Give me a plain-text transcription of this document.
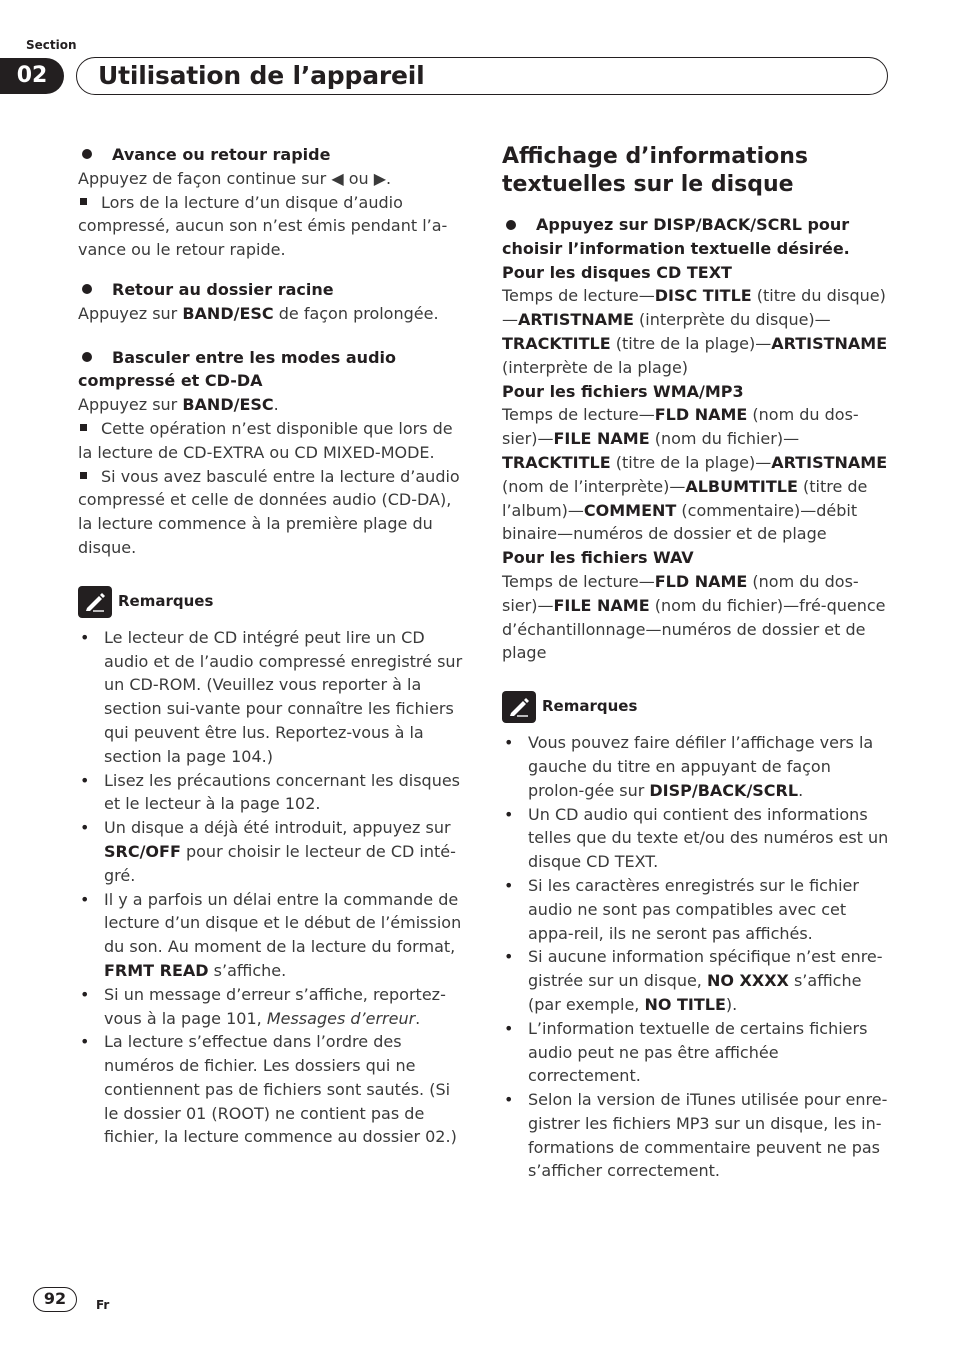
Section
02	Utilisation de l’appareil

Avance ou retour rapide

Appuyez de façon continue sur ◀ ou ▶.

Lors de la lecture d’un disque d’audio compressé, aucun son n’est émis pendant l’a-vance ou le retour rapide.

Retour au dossier racine

Appuyez sur BAND/ESC de façon prolongée.

Basculer entre les modes audio compressé et CD-DA

Appuyez sur BAND/ESC.

Cette opération n’est disponible que lors de la lecture de CD-EXTRA ou CD MIXED-MODE.

Si vous avez basculé entre la lecture d’audio compressé et celle de données audio (CD-DA), la lecture commence à la première plage du disque.

Remarques
• Le lecteur de CD intégré peut lire un CD audio et de l’audio compressé enregistré sur un CD-ROM. (Veuillez vous reporter à la section sui-vante pour connaître les fichiers qui peuvent être lus. Reportez-vous à la section la page 104.)
• Lisez les précautions concernant les disques et le lecteur à la page 102.
• Un disque a déjà été introduit, appuyez sur SRC/OFF pour choisir le lecteur de CD inté-gré.
• Il y a parfois un délai entre la commande de lecture d’un disque et le début de l’émission du son. Au moment de la lecture du format, FRMT READ s’affiche.
• Si un message d’erreur s’affiche, reportez-vous à la page 101, Messages d’erreur.
• La lecture s’effectue dans l’ordre des numéros de fichier. Les dossiers qui ne contiennent pas de fichiers sont sautés. (Si le dossier 01 (ROOT) ne contient pas de fichier, la lecture commence au dossier 02.)
Affichage d’informations textuelles sur le disque

Appuyez sur DISP/BACK/SCRL pour choisir l’information textuelle désirée.

Pour les disques CD TEXT

Temps de lecture—DISC TITLE (titre du disque)—ARTISTNAME (interprète du disque)—TRACKTITLE (titre de la plage)—ARTISTNAME (interprète de la plage)

Pour les fichiers WMA/MP3

Temps de lecture—FLD NAME (nom du dos-sier)—FILE NAME (nom du fichier)—TRACKTITLE (titre de la plage)—ARTISTNAME (nom de l’interprète)—ALBUMTITLE (titre de l’album)—COMMENT (commentaire)—débit binaire—numéros de dossier et de plage

Pour les fichiers WAV

Temps de lecture—FLD NAME (nom du dos-sier)—FILE NAME (nom du fichier)—fré-quence d’échantillonnage—numéros de dossier et de plage

Remarques
• Vous pouvez faire défiler l’affichage vers la gauche du titre en appuyant de façon prolon-gée sur DISP/BACK/SCRL.
• Un CD audio qui contient des informations telles que du texte et/ou des numéros est un disque CD TEXT.
• Si les caractères enregistrés sur le fichier audio ne sont pas compatibles avec cet appa-reil, ils ne seront pas affichés.
• Si aucune information spécifique n’est enre-gistrée sur un disque, NO XXXX s’affiche (par exemple, NO TITLE).
• L’information textuelle de certains fichiers audio peut ne pas être affichée correctement.
• Selon la version de iTunes utilisée pour enre-gistrer les fichiers MP3 sur un disque, les in-formations de commentaire peuvent ne pas s’afficher correctement.
92	Fr
